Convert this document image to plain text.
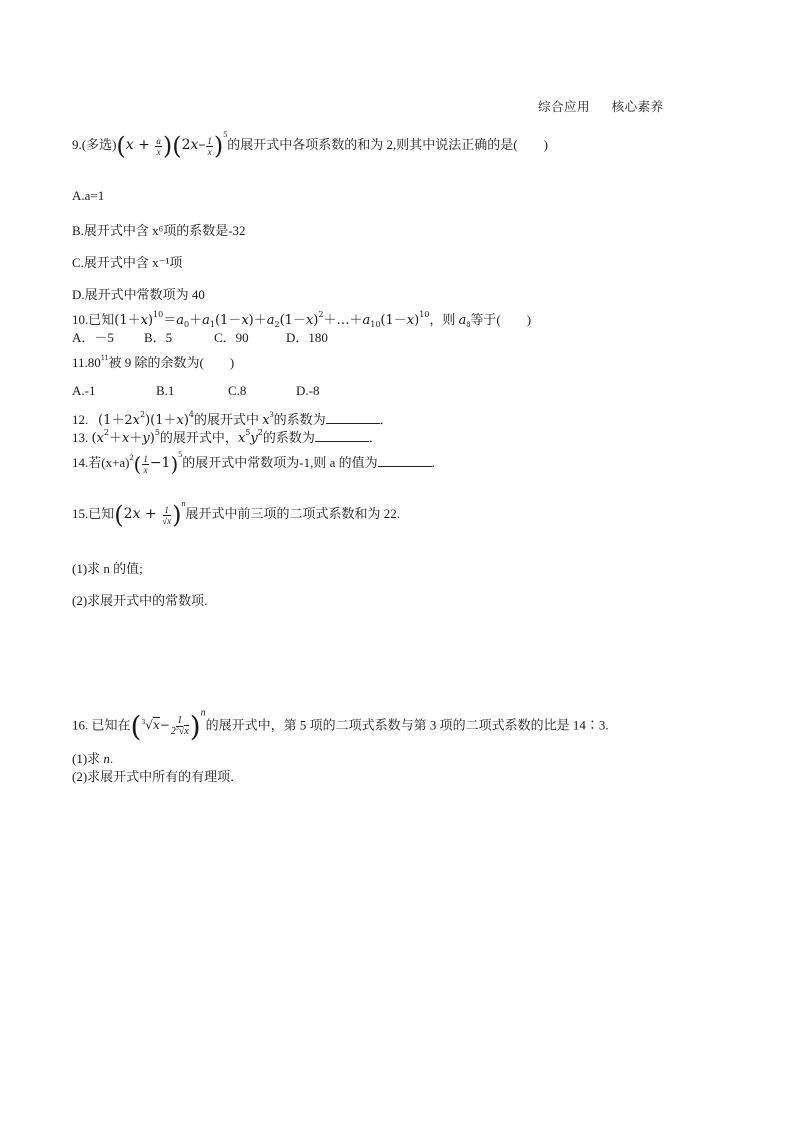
综合应用 核心素养
9.(多选)$(x + \frac{a}{x} )(2x- \frac{1}{x} )^5$的展开式中各项系数的和为 2,则其中说法正确的是(　　)
A.a=1
B.展开式中含 x⁶项的系数是-32
C.展开式中含 x⁻¹项
D.展开式中常数项为 40
10.已知$(1+x)^{10}=a_0+a_1(1-x)+a_2(1-x)^2+\dots+a_{10}(1-x)^{10}$，则 $a_8$等于(　　)
A．－5 B．5	C．90	D．180
11.80$^{11}$被 9 除的余数为(　　)
A.-1	B.1	C.8	D.-8
12. $(1+2x^2)(1+x)^4$的展开式中 $x^3$的系数为	．
13. $(x^2+x+y)^5$的展开式中，$x^5y^2$的系数为	．
14.若$(x+a)^2( \frac{1}{x} -1)^5$的展开式中常数项为-1,则 a 的值为	.
15.已知$(2x + \frac{1}{√x} )^n$展开式中前三项的二项式系数和为 22.
(1)求 n 的值;
(2)求展开式中的常数项.
16. 已知在$(^3√x- \frac{1}{2^3√x} )^n$的展开式中，第 5 项的二项式系数与第 3 项的二项式系数的比是 14∶3.
(1)求 n.
(2)求展开式中所有的有理项．
